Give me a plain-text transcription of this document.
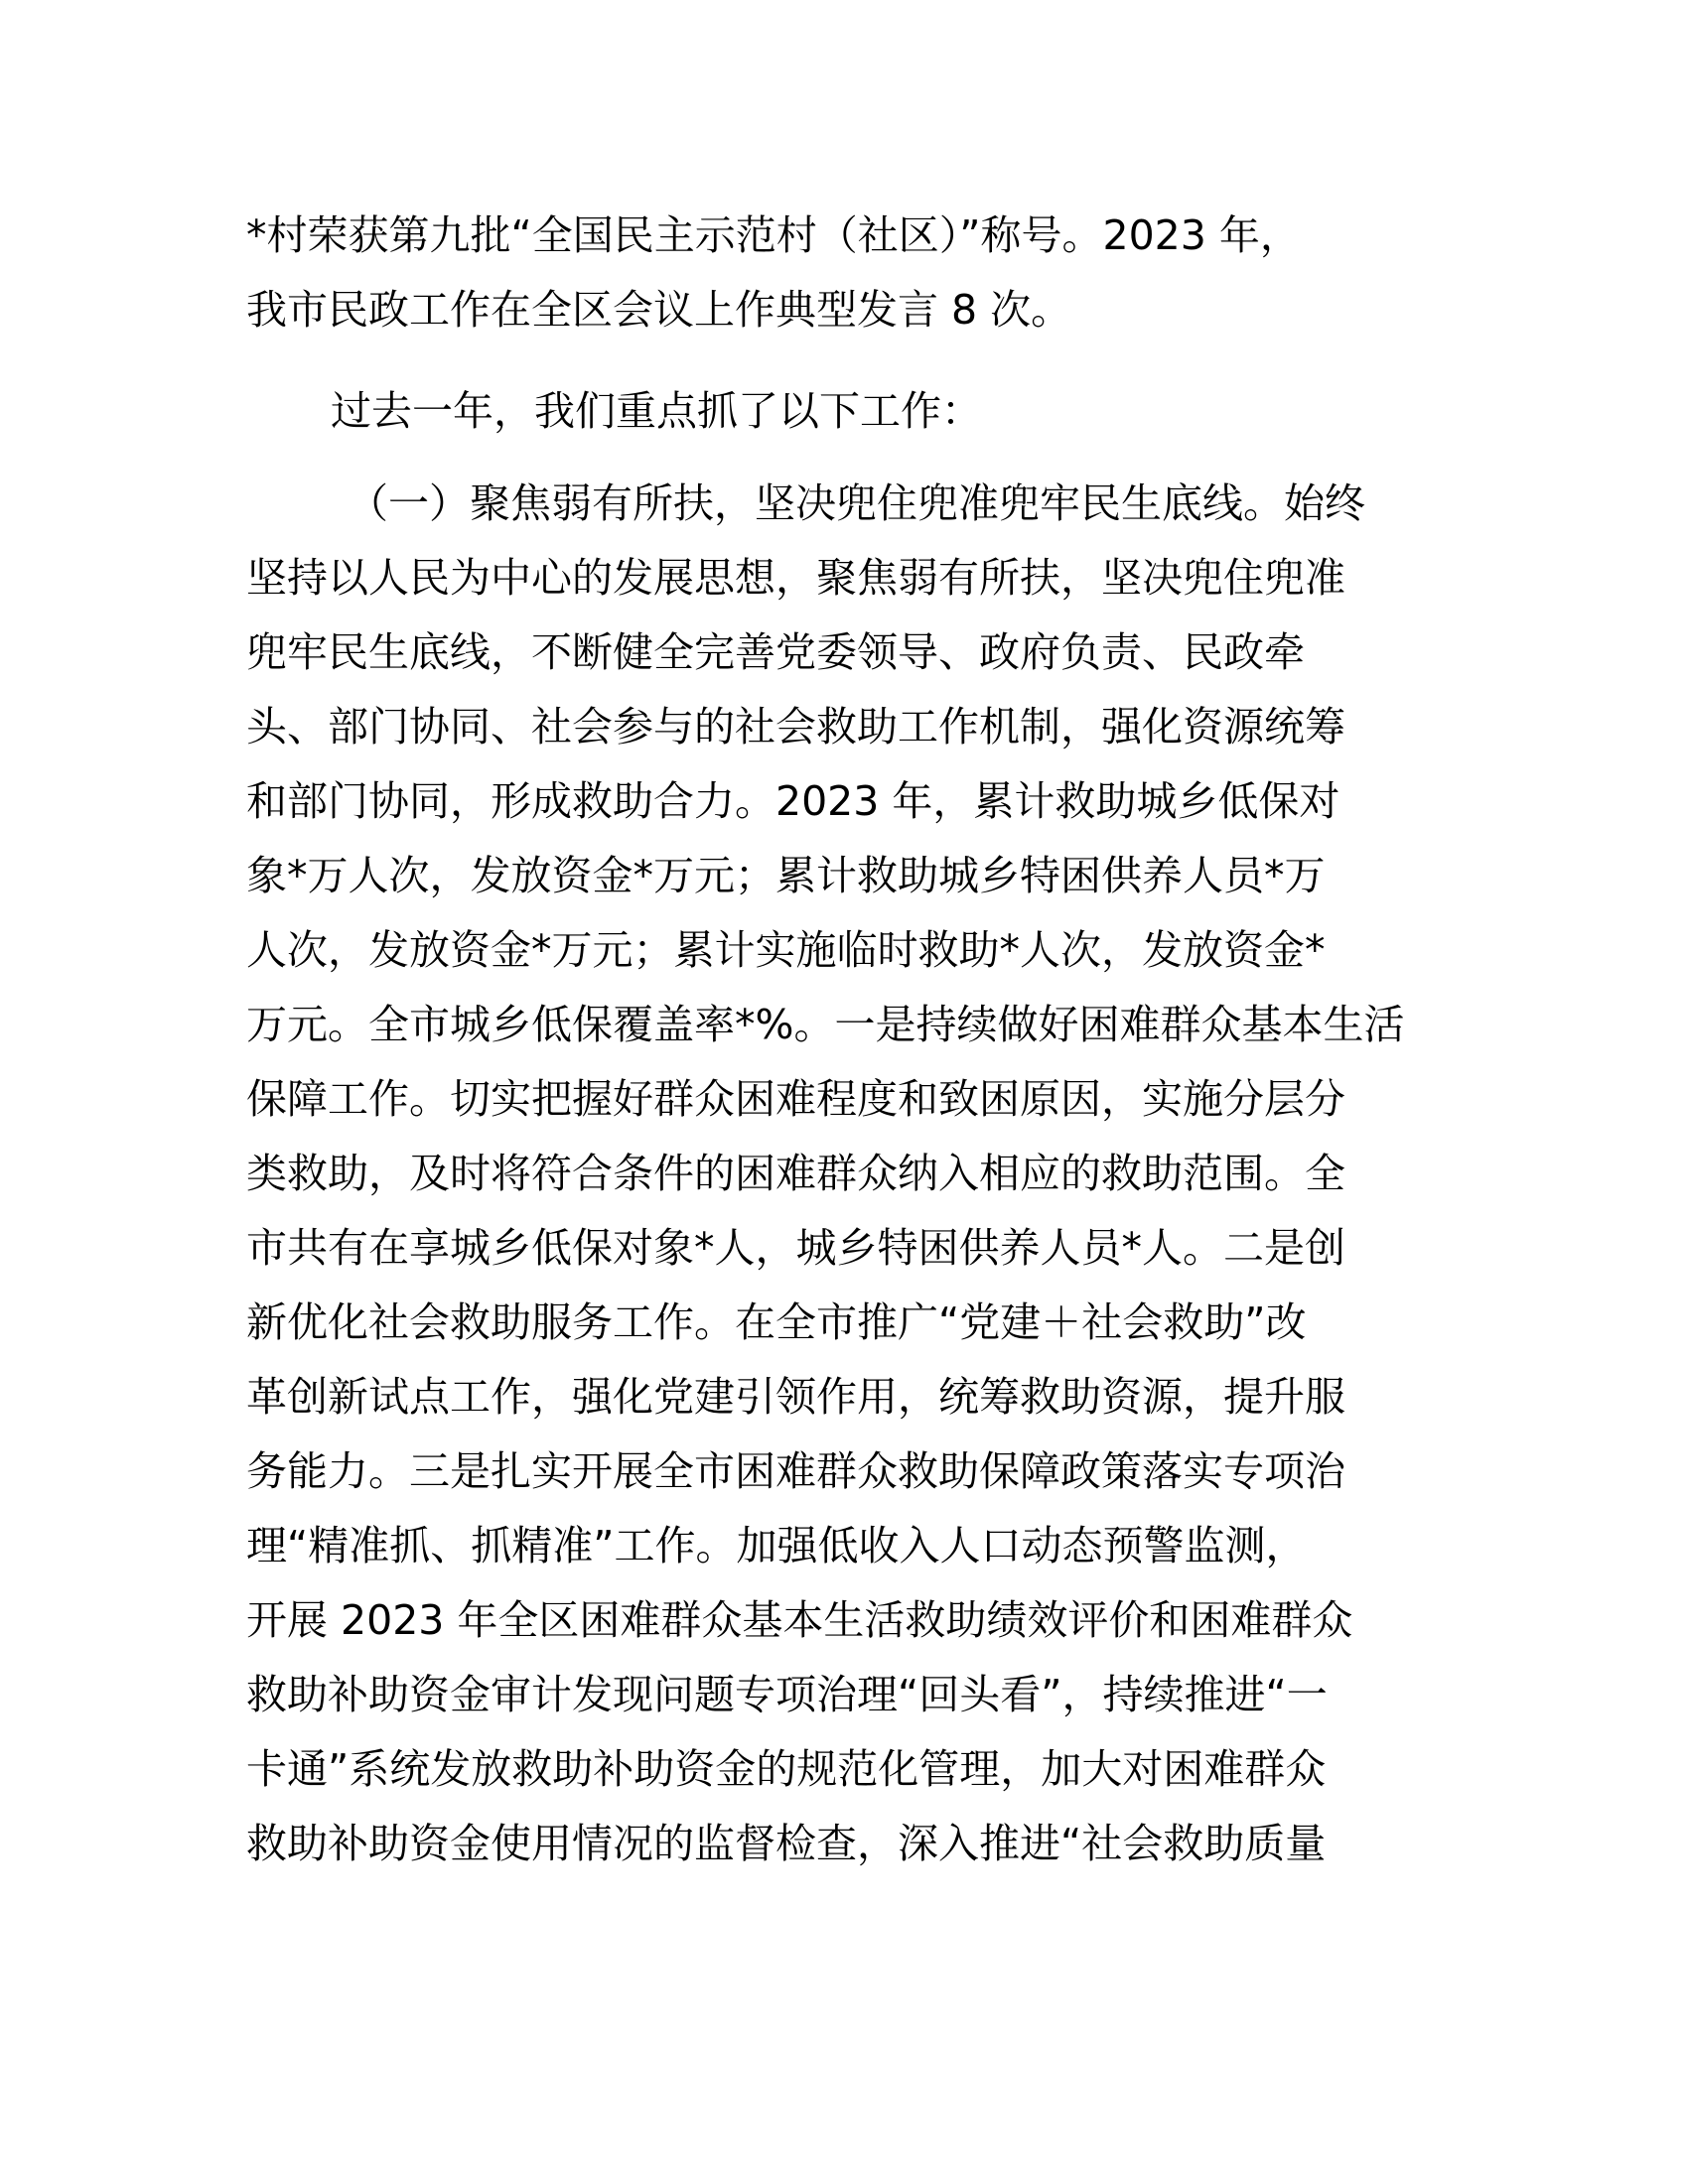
*村荣获第九批“全国民主示范村（社区）”称号。2023 年，
我市民政工作在全区会议上作典型发言 8 次。
过去一年，我们重点抓了以下工作：
（一）聚焦弱有所扶，坚决兜住兜准兜牢民生底线。始终
坚持以人民为中心的发展思想，聚焦弱有所扶，坚决兜住兜准
兜牢民生底线，不断健全完善党委领导、政府负责、民政牵
头、部门协同、社会参与的社会救助工作机制，强化资源统筹
和部门协同，形成救助合力。2023 年，累计救助城乡低保对
象*万人次，发放资金*万元；累计救助城乡特困供养人员*万
人次，发放资金*万元；累计实施临时救助*人次，发放资金*
万元。全市城乡低保覆盖率*%。一是持续做好困难群众基本生活
保障工作。切实把握好群众困难程度和致困原因，实施分层分
类救助，及时将符合条件的困难群众纳入相应的救助范围。全
市共有在享城乡低保对象*人，城乡特困供养人员*人。二是创
新优化社会救助服务工作。在全市推广“党建＋社会救助”改
革创新试点工作，强化党建引领作用，统筹救助资源，提升服
务能力。三是扎实开展全市困难群众救助保障政策落实专项治
理“精准抓、抓精准”工作。加强低收入人口动态预警监测，
开展 2023 年全区困难群众基本生活救助绩效评价和困难群众
救助补助资金审计发现问题专项治理“回头看”，持续推进“一
卡通”系统发放救助补助资金的规范化管理，加大对困难群众
救助补助资金使用情况的监督检查，深入推进“社会救助质量
